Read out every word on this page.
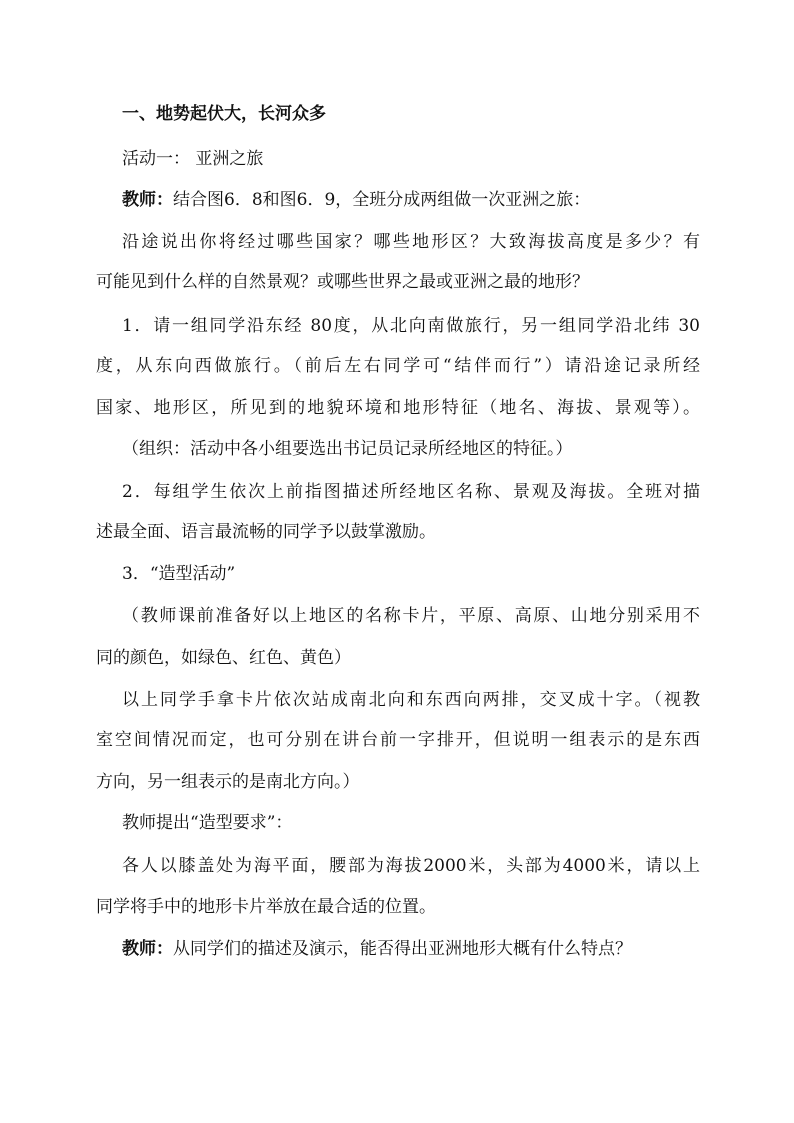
一、地势起伏大，长河众多
活动一： 亚洲之旅
教师：结合图6．8和图6．9，全班分成两组做一次亚洲之旅：
沿途说出你将经过哪些国家？哪些地形区？大致海拔高度是多少？有
可能见到什么样的自然景观？或哪些世界之最或亚洲之最的地形？
1．请一组同学沿东经 80度，从北向南做旅行，另一组同学沿北纬 30
度，从东向西做旅行。（前后左右同学可“结伴而行”）请沿途记录所经
国家、地形区，所见到的地貌环境和地形特征（地名、海拔、景观等）。
（组织：活动中各小组要选出书记员记录所经地区的特征。）
2．每组学生依次上前指图描述所经地区名称、景观及海拔。全班对描
述最全面、语言最流畅的同学予以鼓掌激励。
3．“造型活动”
（教师课前准备好以上地区的名称卡片，平原、高原、山地分别采用不
同的颜色，如绿色、红色、黄色）
以上同学手拿卡片依次站成南北向和东西向两排，交叉成十字。（视教
室空间情况而定，也可分别在讲台前一字排开，但说明一组表示的是东西
方向，另一组表示的是南北方向。）
教师提出“造型要求”：
各人以膝盖处为海平面，腰部为海拔2000米，头部为4000米，请以上
同学将手中的地形卡片举放在最合适的位置。
教师：从同学们的描述及演示，能否得出亚洲地形大概有什么特点？
